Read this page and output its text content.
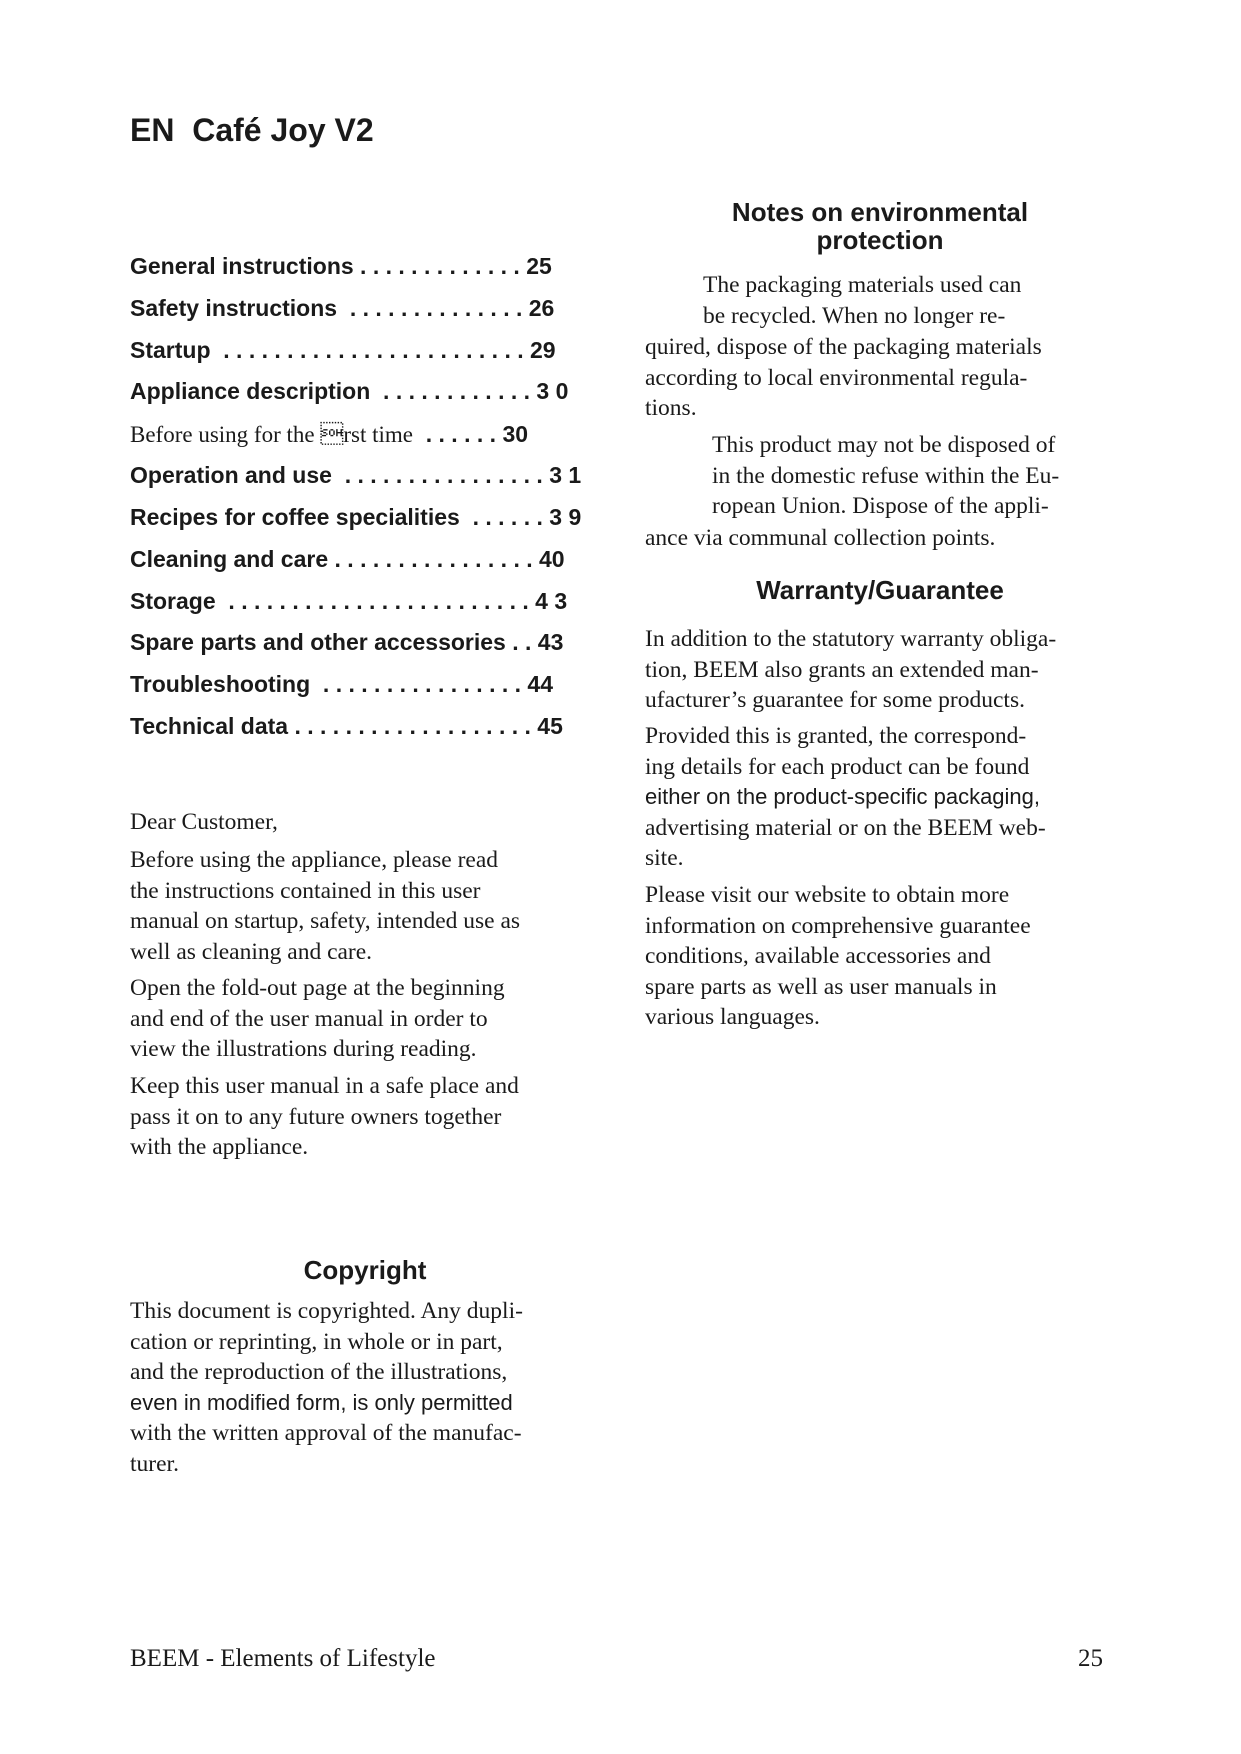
EN  Café Joy V2
General instructions . . . . . . . . . . . . . 25
Safety instructions  . . . . . . . . . . . . . . 26
Startup  . . . . . . . . . . . . . . . . . . . . . . . . 29
Appliance description  . . . . . . . . . . . . 3 0
Before using for the rst time  . . . . . . 30
Operation and use  . . . . . . . . . . . . . . . . 3 1
Recipes for coffee specialities  . . . . . . 3 9
Cleaning and care . . . . . . . . . . . . . . . . 40
Storage  . . . . . . . . . . . . . . . . . . . . . . . . 4 3
Spare parts and other accessories . . 43
Troubleshooting  . . . . . . . . . . . . . . . . 44
Technical data . . . . . . . . . . . . . . . . . . . 45
Dear Customer,
Before using the appliance, please read
the instructions contained in this user
manual on startup, safety, intended use as
well as cleaning and care.
Open the fold-out page at the beginning
and end of the user manual in order to
view the illustrations during reading.
Keep this user manual in a safe place and
pass it on to any future owners together
with the appliance.
Copyright
This document is copyrighted. Any dupli-
cation or reprinting, in whole or in part,
and the reproduction of the illustrations,
even in modified form, is only permitted
with the written approval of the manufac-
turer.
Notes on environmental
protection
The packaging materials used can
be recycled. When no longer re-
quired, dispose of the packaging materials
according to local environmental regula-
tions.
This product may not be disposed of
in the domestic refuse within the Eu-
ropean Union. Dispose of the appli-
ance via communal collection points.
Warranty/Guarantee
In addition to the statutory warranty obliga-
tion, BEEM also grants an extended man-
ufacturer’s guarantee for some products.
Provided this is granted, the correspond-
ing details for each product can be found
either on the product-specific packaging,
advertising material or on the BEEM web-
site.
Please visit our website to obtain more
information on comprehensive guarantee
conditions, available accessories and
spare parts as well as user manuals in
various languages.
BEEM - Elements of Lifestyle	25
